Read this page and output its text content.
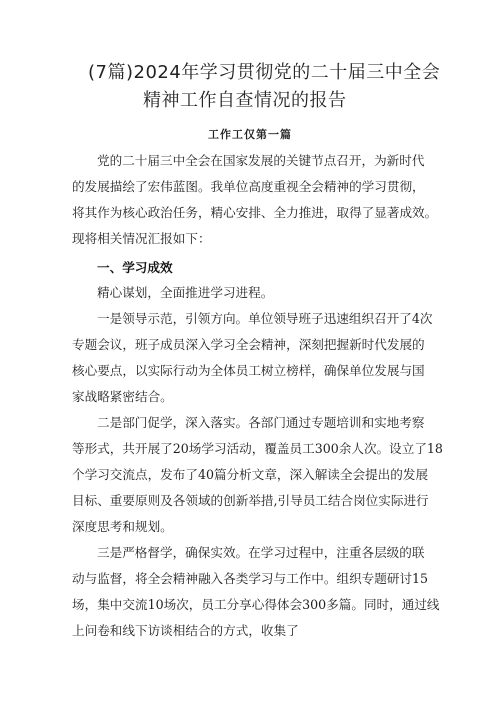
(7篇)2024年学习贯彻党的二十届三中全会
精神工作自查情况的报告
工作工仅第一篇
党的二十届三中全会在国家发展的关键节点召开，为新时代
的发展描绘了宏伟蓝图。我单位高度重视全会精神的学习贯彻，
将其作为核心政治任务，精心安排、全力推进，取得了显著成效。
现将相关情况汇报如下：
一、学习成效
精心谋划，全面推进学习进程。
一是领导示范，引领方向。单位领导班子迅速组织召开了4次
专题会议，班子成员深入学习全会精神，深刻把握新时代发展的
核心要点，以实际行动为全体员工树立榜样，确保单位发展与国
家战略紧密结合。
二是部门促学，深入落实。各部门通过专题培训和实地考察
等形式，共开展了20场学习活动，覆盖员工300余人次。设立了18
个学习交流点，发布了40篇分析文章，深入解读全会提出的发展
目标、重要原则及各领域的创新举措,引导员工结合岗位实际进行
深度思考和规划。
三是严格督学，确保实效。在学习过程中，注重各层级的联
动与监督，将全会精神融入各类学习与工作中。组织专题研讨15
场，集中交流10场次，员工分享心得体会300多篇。同时，通过线
上问卷和线下访谈相结合的方式，收集了
